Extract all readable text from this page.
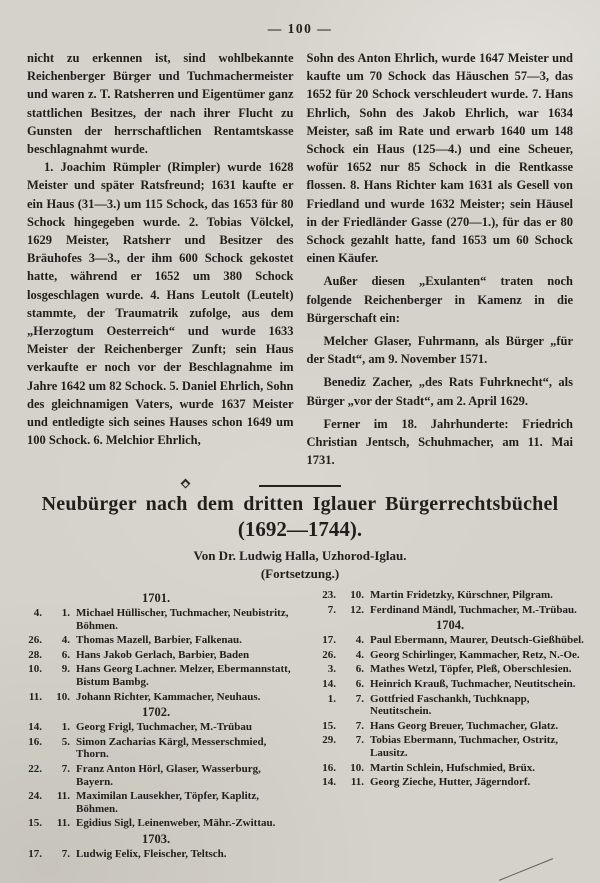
— 100 —

nicht zu erkennen ist, sind wohlbekannte Reichenberger Bürger und Tuchmachermeister und waren z. T. Ratsherren und Eigentümer ganz stattlichen Besitzes, der nach ihrer Flucht zu Gunsten der herrschaftlichen Rentamtskasse beschlagnahmt wurde.

1. Joachim Rümpler (Rimpler) wurde 1628 Meister und später Ratsfreund; 1631 kaufte er ein Haus (31—3.) um 115 Schock, das 1653 für 80 Schock hingegeben wurde. 2. Tobias Völckel, 1629 Meister, Ratsherr und Besitzer des Bräuhofes 3—3., der ihm 600 Schock gekostet hatte, während er 1652 um 380 Schock losgeschlagen wurde. 4. Hans Leutolt (Leutelt) stammte, der Traumatrik zufolge, aus dem „Herzogtum Oesterreich“ und wurde 1633 Meister der Reichenberger Zunft; sein Haus verkaufte er noch vor der Beschlagnahme im Jahre 1642 um 82 Schock. 5. Daniel Ehrlich, Sohn des gleichnamigen Vaters, wurde 1637 Meister und entledigte sich seines Hauses schon 1649 um 100 Schock. 6. Melchior Ehrlich,

Sohn des Anton Ehrlich, wurde 1647 Meister und kaufte um 70 Schock das Häuschen 57—3, das 1652 für 20 Schock verschleudert wurde. 7. Hans Ehrlich, Sohn des Jakob Ehrlich, war 1634 Meister, saß im Rate und erwarb 1640 um 148 Schock ein Haus (125—4.) und eine Scheuer, wofür 1652 nur 85 Schock in die Rentkasse flossen. 8. Hans Richter kam 1631 als Gesell von Friedland und wurde 1632 Meister; sein Häusel in der Friedländer Gasse (270—1.), für das er 80 Schock gezahlt hatte, fand 1653 um 60 Schock einen Käufer.

Außer diesen „Exulanten“ traten noch folgende Reichenberger in Kamenz in die Bürgerschaft ein:

Melcher Glaser, Fuhrmann, als Bürger „für der Stadt“, am 9. November 1571.

Benediz Zacher, „des Rats Fuhrknecht“, als Bürger „vor der Stadt“, am 2. April 1629.

Ferner im 18. Jahrhunderte: Friedrich Christian Jentsch, Schuhmacher, am 11. Mai 1731.

Neubürger nach dem dritten Iglauer Bürgerrechtsbüchel
(1692—1744).
Von Dr. Ludwig Halla, Uzhorod-Iglau.
(Fortsetzung.)
1701.
4.	1. Michael Hüllischer, Tuchmacher, Neubistritz, Böhmen.
26.	4. Thomas Mazell, Barbier, Falkenau.
28.	6. Hans Jakob Gerlach, Barbier, Baden
10.	9. Hans Georg Lachner. Melzer, Ebermannstatt, Bistum Bambg.
11.	10. Johann Richter, Kammacher, Neuhaus.
1702.
14.	1. Georg Frigl, Tuchmacher, M.-Trübau
16.	5. Simon Zacharias Kärgl, Messerschmied, Thorn.
22.	7. Franz Anton Hörl, Glaser, Wasserburg, Bayern.
24.	11. Maximilan Lausekher, Töpfer, Kaplitz, Böhmen.
15.	11. Egidius Sigl, Leinenweber, Mähr.-Zwittau.
1703.
17.	7. Ludwig Felix, Fleischer, Teltsch.
23.	10. Martin Fridetzky, Kürschner, Pilgram.
7.	12. Ferdinand Mändl, Tuchmacher, M.-Trübau.
1704.
17.	4. Paul Ebermann, Maurer, Deutsch-Gießhübel.
26.	4. Georg Schirlinger, Kammacher, Retz, N.-Oe.
3.	6. Mathes Wetzl, Töpfer, Pleß, Oberschlesien.
14.	6. Heinrich Krauß, Tuchmacher, Neutitschein.
1.	7. Gottfried Faschankh, Tuchknapp, Neutitschein.
15.	7. Hans Georg Breuer, Tuchmacher, Glatz.
29.	7. Tobias Ebermann, Tuchmacher, Ostritz, Lausitz.
16.	10. Martin Schlein, Hufschmied, Brüx.
14.	11. Georg Zieche, Hutter, Jägerndorf.
